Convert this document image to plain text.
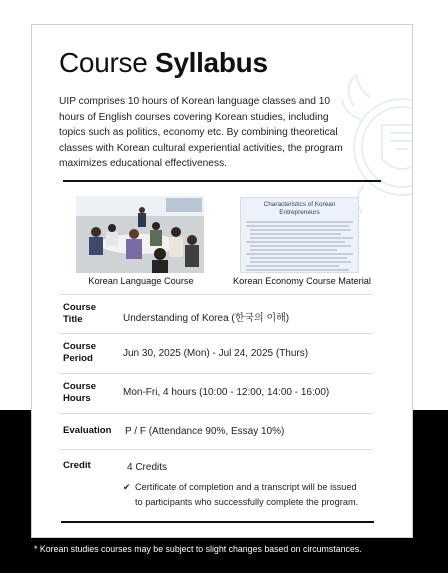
Course Syllabus

UIP comprises 10 hours of Korean language classes and 10 hours of English courses covering Korean studies, including topics such as politics, economy etc. By combining theoretical classes with Korean cultural experiential activities, the program maximizes educational effectiveness.

Characteristics of Korean Entrepreneurs
Korean Language Course	Korean Economy Course Material
Course Title	Understanding of Korea (한국의 이해)
Course Period	Jun 30, 2025 (Mon) - Jul 24, 2025 (Thurs)
Course Hours	Mon-Fri, 4 hours (10:00 - 12:00, 14:00 - 16:00)
Evaluation P / F (Attendance 90%, Essay 10%)
Credit	4 Credits
✔ Certificate of completion and a transcript will be issued
to participants who successfully complete the program.
* Korean studies courses may be subject to slight changes based on circumstances.
